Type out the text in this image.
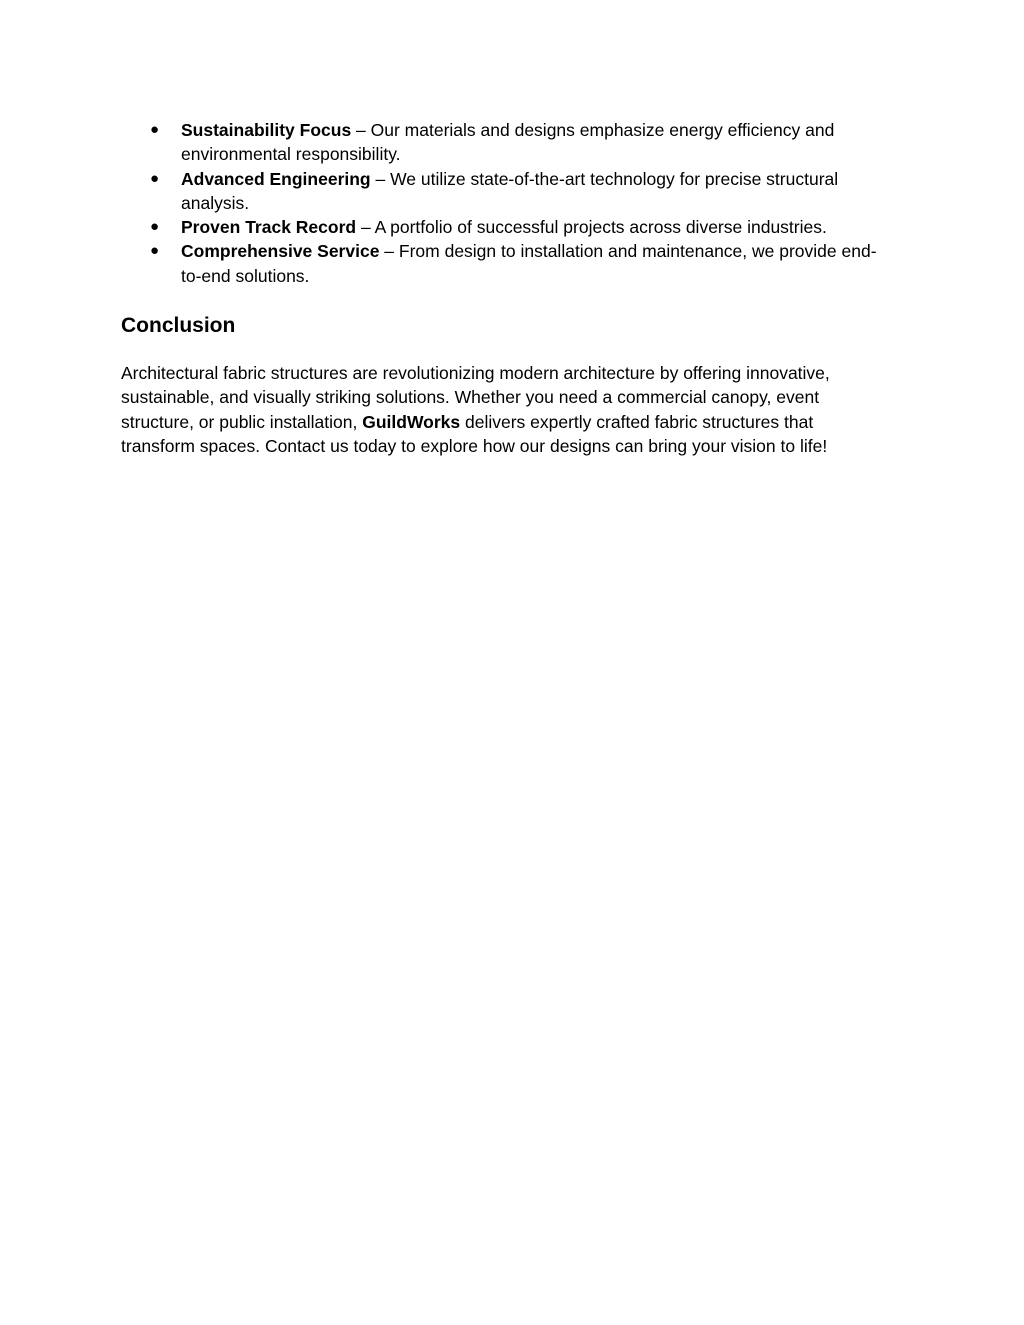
● Sustainability Focus – Our materials and designs emphasize energy efficiency and environmental responsibility.
● Advanced Engineering – We utilize state-of-the-art technology for precise structural analysis.
● Proven Track Record – A portfolio of successful projects across diverse industries.
● Comprehensive Service – From design to installation and maintenance, we provide end-to-end solutions.
Conclusion

Architectural fabric structures are revolutionizing modern architecture by offering innovative, sustainable, and visually striking solutions. Whether you need a commercial canopy, event structure, or public installation, GuildWorks delivers expertly crafted fabric structures that transform spaces. Contact us today to explore how our designs can bring your vision to life!
